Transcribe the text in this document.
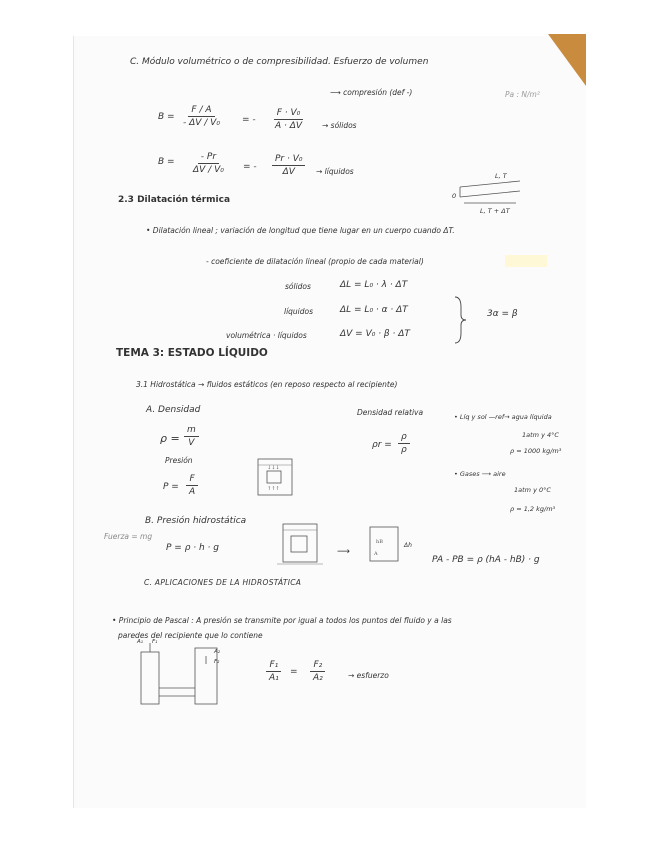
C. Módulo volumétrico o de compresibilidad. Esfuerzo de volumen
⟶ compresión (def -)	Pa : N/m²
$B = \frac{F / A}{\text{- ΔV / V₀}}$ = - $\frac{\text{F · V₀}}{A \cdot \Delta V}$ → sólidos
$B = \frac{- Pr}{\text{ΔV / V₀}}$ = - $\frac{\text{Pr · V₀}}{\Delta V}$ → líquidos
2.3 Dilatación térmica
L, T
0
L, T + ΔT
• Dilatación lineal ; variación de longitud que tiene lugar en un cuerpo cuando ΔT.
- coeficiente de dilatación lineal (propio de cada material)
sólidos	ΔL = L₀ · λ · ΔT
líquidos	ΔL = L₀ · α · ΔT
volumétrica · líquidos	ΔV = V₀ · β · ΔT
3α = β
TEMA 3: ESTADO LÍQUIDO
3.1 Hidrostática → fluidos estáticos (en reposo respecto al recipiente)
A. Densidad
$\rho = \frac{m}{V}$
Presión
$P = \frac{F}{A}$
↓↓↓
↑↑↑
Densidad relativa
$\rho r = \frac{\rho}{\rho}$
• Líq y sol —ref→ agua líquida
1atm y 4°C
ρ = 1000 kg/m³
• Gases ⟶ aire
1atm y 0°C
ρ = 1,2 kg/m³
B. Presión hidrostática
Fuerza = mg
P = ρ · h · g	⟶
hB
A
Δh
PA - PB = ρ (hA - hB) · g
C. APLICACIONES DE LA HIDROSTÁTICA
• Principio de Pascal : A presión se transmite por igual a todos los puntos del fluido y a las
paredes del recipiente que lo contiene
A₁ F₁
A₂
F₂	$\frac{\text{F₁}}{\text{A₁}} = \frac{\text{F₂}}{\text{A₂}}$	→ esfuerzo
